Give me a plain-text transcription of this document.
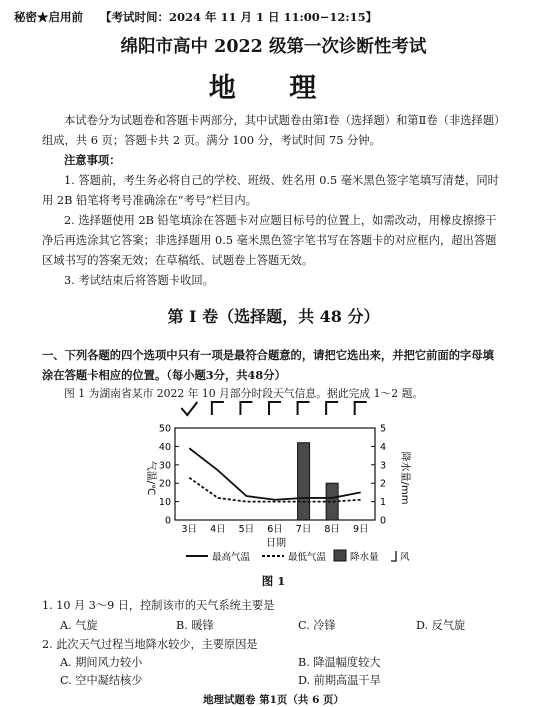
秘密★启用前 【考试时间：2024 年 11 月 1 日 11:00−12:15】
绵阳市高中 2022 级第一次诊断性考试
地 理
本试卷分为试题卷和答题卡两部分，其中试题卷由第Ⅰ卷（选择题）和第Ⅱ卷（非选择题）
组成，共 6 页；答题卡共 2 页。满分 100 分，考试时间 75 分钟。
注意事项：
1. 答题前，考生务必将自己的学校、班级、姓名用 0.5 毫米黑色签字笔填写清楚，同时
用 2B 铅笔将考号准确涂在“考号”栏目内。
2. 选择题使用 2B 铅笔填涂在答题卡对应题目标号的位置上，如需改动，用橡皮擦擦干
净后再选涂其它答案；非选择题用 0.5 毫米黑色签字笔书写在答题卡的对应框内，超出答题
区域书写的答案无效；在草稿纸、试题卷上答题无效。
3. 考试结束后将答题卡收回。
第 Ⅰ 卷（选择题，共 48 分）
一、下列各题的四个选项中只有一项是最符合题意的，请把它选出来，并把它前面的字母填
涂在答题卡相应的位置。（每小题3分，共48分）
图 1 为湖南省某市 2022 年 10 月部分时段天气信息。据此完成 1～2 题。
0
10
20
30
40
50
0
1
2
3
4
5
3日 4日 5日 6日 7日 8日 9日
气温/℃	降水量/mm
日期
最高气温	最低气温	降水量 风
图 1
1. 10 月 3～9 日，控制该市的天气系统主要是
A. 气旋	B. 暖锋	C. 冷锋	D. 反气旋
2. 此次天气过程当地降水较少，主要原因是
A. 期间风力较小	B. 降温幅度较大
C. 空中凝结核少	D. 前期高温干旱
地理试题卷 第1页（共 6 页）
